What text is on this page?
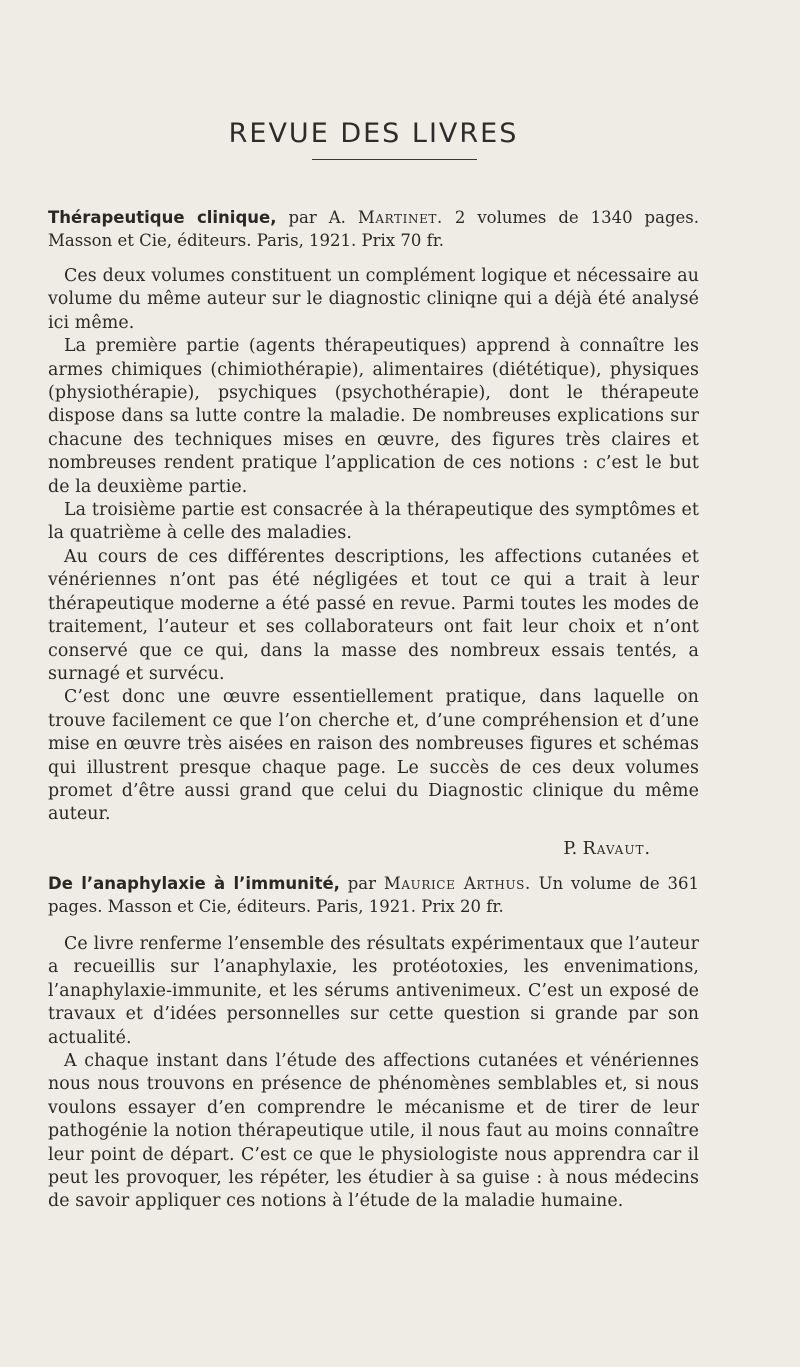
REVUE DES LIVRES

Thérapeutique clinique, par A. Martinet. 2 volumes de 1340 pages. Masson et Cie, éditeurs. Paris, 1921. Prix 70 fr.

Ces deux volumes constituent un complément logique et nécessaire au volume du même auteur sur le diagnostic cliniqne qui a déjà été analysé ici même.

La première partie (agents thérapeutiques) apprend à connaître les armes chimiques (chimiothérapie), alimentaires (diététique), physiques (physiothérapie), psychiques (psychothérapie), dont le thérapeute dispose dans sa lutte contre la maladie. De nombreuses explications sur chacune des techniques mises en œuvre, des figures très claires et nombreuses rendent pratique l’application de ces notions : c’est le but de la deuxième partie.

La troisième partie est consacrée à la thérapeutique des symptômes et la quatrième à celle des maladies.

Au cours de ces différentes descriptions, les affections cutanées et vénériennes n’ont pas été négligées et tout ce qui a trait à leur thérapeutique moderne a été passé en revue. Parmi toutes les modes de traitement, l’auteur et ses collaborateurs ont fait leur choix et n’ont conservé que ce qui, dans la masse des nombreux essais tentés, a surnagé et survécu.

C’est donc une œuvre essentiellement pratique, dans laquelle on trouve facilement ce que l’on cherche et, d’une compréhension et d’une mise en œuvre très aisées en raison des nombreuses figures et schémas qui illustrent presque chaque page. Le succès de ces deux volumes promet d’être aussi grand que celui du Diagnostic clinique du même auteur.

P. Ravaut.

De l’anaphylaxie à l’immunité, par Maurice Arthus. Un volume de 361 pages. Masson et Cie, éditeurs. Paris, 1921. Prix 20 fr.

Ce livre renferme l’ensemble des résultats expérimentaux que l’auteur a recueillis sur l’anaphylaxie, les protéotoxies, les envenimations, l’anaphylaxie-immunite, et les sérums antivenimeux. C’est un exposé de travaux et d’idées personnelles sur cette question si grande par son actualité.

A chaque instant dans l’étude des affections cutanées et vénériennes nous nous trouvons en présence de phénomènes semblables et, si nous voulons essayer d’en comprendre le mécanisme et de tirer de leur pathogénie la notion thérapeutique utile, il nous faut au moins connaître leur point de départ. C’est ce que le physiologiste nous apprendra car il peut les provoquer, les répéter, les étudier à sa guise : à nous médecins de savoir appliquer ces notions à l’étude de la maladie humaine.
